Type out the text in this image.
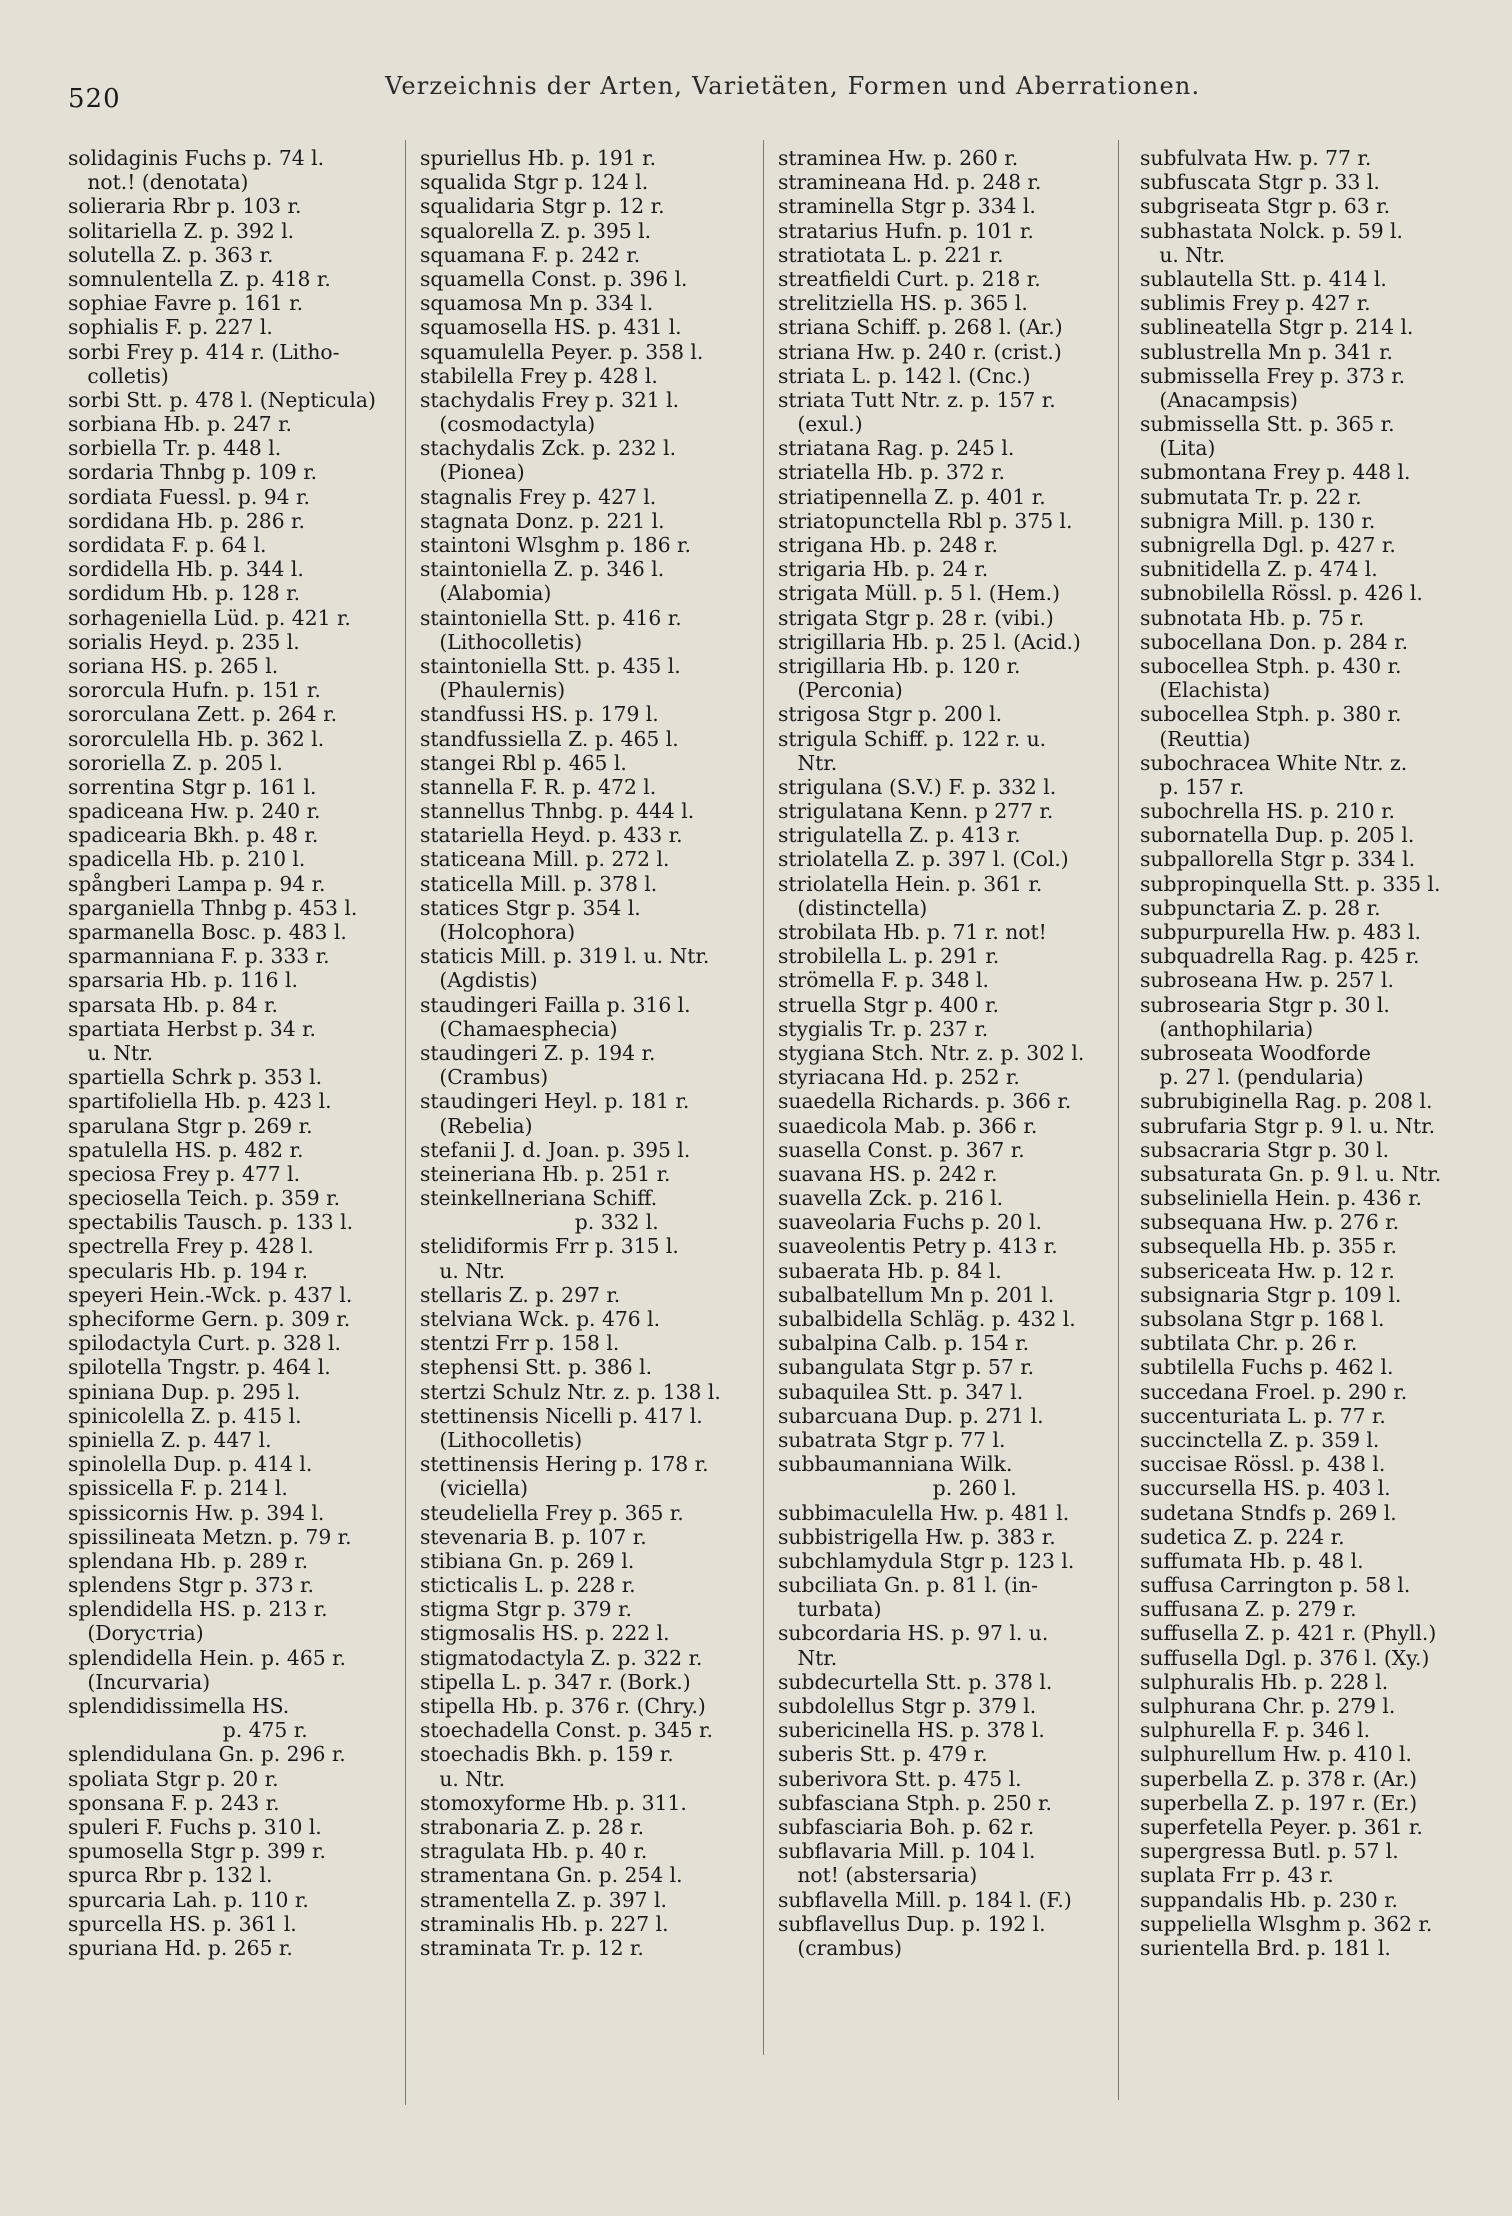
520	Verzeichnis der Arten, Varietäten, Formen und Aberrationen.
solidaginis Fuchs p. 74 l.
not.! (denotata)
solieraria Rbr p. 103 r.
solitariella Z. p. 392 l.
solutella Z. p. 363 r.
somnulentella Z. p. 418 r.
sophiae Favre p. 161 r.
sophialis F. p. 227 l.
sorbi Frey p. 414 r. (Litho-
colletis)
sorbi Stt. p. 478 l. (Nepticula)
sorbiana Hb. p. 247 r.
sorbiella Tr. p. 448 l.
sordaria Thnbg p. 109 r.
sordiata Fuessl. p. 94 r.
sordidana Hb. p. 286 r.
sordidata F. p. 64 l.
sordidella Hb. p. 344 l.
sordidum Hb. p. 128 r.
sorhageniella Lüd. p. 421 r.
sorialis Heyd. p. 235 l.
soriana HS. p. 265 l.
sororcula Hufn. p. 151 r.
sororculana Zett. p. 264 r.
sororculella Hb. p. 362 l.
sororiella Z. p. 205 l.
sorrentina Stgr p. 161 l.
spadiceana Hw. p. 240 r.
spadicearia Bkh. p. 48 r.
spadicella Hb. p. 210 l.
spångberi Lampa p. 94 r.
sparganiella Thnbg p. 453 l.
sparmanella Bosc. p. 483 l.
sparmanniana F. p. 333 r.
sparsaria Hb. p. 116 l.
sparsata Hb. p. 84 r.
spartiata Herbst p. 34 r.
u. Ntr.
spartiella Schrk p. 353 l.
spartifoliella Hb. p. 423 l.
sparulana Stgr p. 269 r.
spatulella HS. p. 482 r.
speciosa Frey p. 477 l.
speciosella Teich. p. 359 r.
spectabilis Tausch. p. 133 l.
spectrella Frey p. 428 l.
specularis Hb. p. 194 r.
speyeri Hein.-Wck. p. 437 l.
spheciforme Gern. p. 309 r.
spilodactyla Curt. p. 328 l.
spilotella Tngstr. p. 464 l.
spiniana Dup. p. 295 l.
spinicolella Z. p. 415 l.
spiniella Z. p. 447 l.
spinolella Dup. p. 414 l.
spissicella F. p. 214 l.
spissicornis Hw. p. 394 l.
spissilineata Metzn. p. 79 r.
splendana Hb. p. 289 r.
splendens Stgr p. 373 r.
splendidella HS. p. 213 r.
(Dorycτria)
splendidella Hein. p. 465 r.
(Incurvaria)
splendidissimella HS.
p. 475 r.
splendidulana Gn. p. 296 r.
spoliata Stgr p. 20 r.
sponsana F. p. 243 r.
spuleri F. Fuchs p. 310 l.
spumosella Stgr p. 399 r.
spurca Rbr p. 132 l.
spurcaria Lah. p. 110 r.
spurcella HS. p. 361 l.
spuriana Hd. p. 265 r.
spuriellus Hb. p. 191 r.
squalida Stgr p. 124 l.
squalidaria Stgr p. 12 r.
squalorella Z. p. 395 l.
squamana F. p. 242 r.
squamella Const. p. 396 l.
squamosa Mn p. 334 l.
squamosella HS. p. 431 l.
squamulella Peyer. p. 358 l.
stabilella Frey p. 428 l.
stachydalis Frey p. 321 l.
(cosmodactyla)
stachydalis Zck. p. 232 l.
(Pionea)
stagnalis Frey p. 427 l.
stagnata Donz. p. 221 l.
staintoni Wlsghm p. 186 r.
staintoniella Z. p. 346 l.
(Alabomia)
staintoniella Stt. p. 416 r.
(Lithocolletis)
staintoniella Stt. p. 435 l.
(Phaulernis)
standfussi HS. p. 179 l.
standfussiella Z. p. 465 l.
stangei Rbl p. 465 l.
stannella F. R. p. 472 l.
stannellus Thnbg. p. 444 l.
statariella Heyd. p. 433 r.
staticeana Mill. p. 272 l.
staticella Mill. p. 378 l.
statices Stgr p. 354 l.
(Holcophora)
staticis Mill. p. 319 l. u. Ntr.
(Agdistis)
staudingeri Failla p. 316 l.
(Chamaesphecia)
staudingeri Z. p. 194 r.
(Crambus)
staudingeri Heyl. p. 181 r.
(Rebelia)
stefanii J. d. Joan. p. 395 l.
steineriana Hb. p. 251 r.
steinkellneriana Schiff.
p. 332 l.
stelidiformis Frr p. 315 l.
u. Ntr.
stellaris Z. p. 297 r.
stelviana Wck. p. 476 l.
stentzi Frr p. 158 l.
stephensi Stt. p. 386 l.
stertzi Schulz Ntr. z. p. 138 l.
stettinensis Nicelli p. 417 l.
(Lithocolletis)
stettinensis Hering p. 178 r.
(viciella)
steudeliella Frey p. 365 r.
stevenaria B. p. 107 r.
stibiana Gn. p. 269 l.
sticticalis L. p. 228 r.
stigma Stgr p. 379 r.
stigmosalis HS. p. 222 l.
stigmatodactyla Z. p. 322 r.
stipella L. p. 347 r. (Bork.)
stipella Hb. p. 376 r. (Chry.)
stoechadella Const. p. 345 r.
stoechadis Bkh. p. 159 r.
u. Ntr.
stomoxyforme Hb. p. 311.
strabonaria Z. p. 28 r.
stragulata Hb. p. 40 r.
stramentana Gn. p. 254 l.
stramentella Z. p. 397 l.
straminalis Hb. p. 227 l.
straminata Tr. p. 12 r.
straminea Hw. p. 260 r.
stramineana Hd. p. 248 r.
straminella Stgr p. 334 l.
stratarius Hufn. p. 101 r.
stratiotata L. p. 221 r.
streatfieldi Curt. p. 218 r.
strelitziella HS. p. 365 l.
striana Schiff. p. 268 l. (Ar.)
striana Hw. p. 240 r. (crist.)
striata L. p. 142 l. (Cnc.)
striata Tutt Ntr. z. p. 157 r.
(exul.)
striatana Rag. p. 245 l.
striatella Hb. p. 372 r.
striatipennella Z. p. 401 r.
striatopunctella Rbl p. 375 l.
strigana Hb. p. 248 r.
strigaria Hb. p. 24 r.
strigata Müll. p. 5 l. (Hem.)
strigata Stgr p. 28 r. (vibi.)
strigillaria Hb. p. 25 l. (Acid.)
strigillaria Hb. p. 120 r.
(Perconia)
strigosa Stgr p. 200 l.
strigula Schiff. p. 122 r. u.
Ntr.
strigulana (S.V.) F. p. 332 l.
strigulatana Kenn. p 277 r.
strigulatella Z. p. 413 r.
striolatella Z. p. 397 l. (Col.)
striolatella Hein. p. 361 r.
(distinctella)
strobilata Hb. p. 71 r. not!
strobilella L. p. 291 r.
strömella F. p. 348 l.
struella Stgr p. 400 r.
stygialis Tr. p. 237 r.
stygiana Stch. Ntr. z. p. 302 l.
styriacana Hd. p. 252 r.
suaedella Richards. p. 366 r.
suaedicola Mab. p. 366 r.
suasella Const. p. 367 r.
suavana HS. p. 242 r.
suavella Zck. p. 216 l.
suaveolaria Fuchs p. 20 l.
suaveolentis Petry p. 413 r.
subaerata Hb. p. 84 l.
subalbatellum Mn p. 201 l.
subalbidella Schläg. p. 432 l.
subalpina Calb. p. 154 r.
subangulata Stgr p. 57 r.
subaquilea Stt. p. 347 l.
subarcuana Dup. p. 271 l.
subatrata Stgr p. 77 l.
subbaumanniana Wilk.
p. 260 l.
subbimaculella Hw. p. 481 l.
subbistrigella Hw. p. 383 r.
subchlamydula Stgr p. 123 l.
subciliata Gn. p. 81 l. (in-
turbata)
subcordaria HS. p. 97 l. u.
Ntr.
subdecurtella Stt. p. 378 l.
subdolellus Stgr p. 379 l.
subericinella HS. p. 378 l.
suberis Stt. p. 479 r.
suberivora Stt. p. 475 l.
subfasciana Stph. p. 250 r.
subfasciaria Boh. p. 62 r.
subflavaria Mill. p. 104 l.
not! (abstersaria)
subflavella Mill. p. 184 l. (F.)
subflavellus Dup. p. 192 l.
(crambus)
subfulvata Hw. p. 77 r.
subfuscata Stgr p. 33 l.
subgriseata Stgr p. 63 r.
subhastata Nolck. p. 59 l.
u. Ntr.
sublautella Stt. p. 414 l.
sublimis Frey p. 427 r.
sublineatella Stgr p. 214 l.
sublustrella Mn p. 341 r.
submissella Frey p. 373 r.
(Anacampsis)
submissella Stt. p. 365 r.
(Lita)
submontana Frey p. 448 l.
submutata Tr. p. 22 r.
subnigra Mill. p. 130 r.
subnigrella Dgl. p. 427 r.
subnitidella Z. p. 474 l.
subnobilella Rössl. p. 426 l.
subnotata Hb. p. 75 r.
subocellana Don. p. 284 r.
subocellea Stph. p. 430 r.
(Elachista)
subocellea Stph. p. 380 r.
(Reuttia)
subochracea White Ntr. z.
p. 157 r.
subochrella HS. p. 210 r.
subornatella Dup. p. 205 l.
subpallorella Stgr p. 334 l.
subpropinquella Stt. p. 335 l.
subpunctaria Z. p. 28 r.
subpurpurella Hw. p. 483 l.
subquadrella Rag. p. 425 r.
subroseana Hw. p. 257 l.
subrosearia Stgr p. 30 l.
(anthophilaria)
subroseata Woodforde
p. 27 l. (pendularia)
subrubiginella Rag. p. 208 l.
subrufaria Stgr p. 9 l. u. Ntr.
subsacraria Stgr p. 30 l.
subsaturata Gn. p. 9 l. u. Ntr.
subseliniella Hein. p. 436 r.
subsequana Hw. p. 276 r.
subsequella Hb. p. 355 r.
subsericeata Hw. p. 12 r.
subsignaria Stgr p. 109 l.
subsolana Stgr p. 168 l.
subtilata Chr. p. 26 r.
subtilella Fuchs p. 462 l.
succedana Froel. p. 290 r.
succenturiata L. p. 77 r.
succinctella Z. p. 359 l.
succisae Rössl. p. 438 l.
succursella HS. p. 403 l.
sudetana Stndfs p. 269 l.
sudetica Z. p. 224 r.
suffumata Hb. p. 48 l.
suffusa Carrington p. 58 l.
suffusana Z. p. 279 r.
suffusella Z. p. 421 r. (Phyll.)
suffusella Dgl. p. 376 l. (Xy.)
sulphuralis Hb. p. 228 l.
sulphurana Chr. p. 279 l.
sulphurella F. p. 346 l.
sulphurellum Hw. p. 410 l.
superbella Z. p. 378 r. (Ar.)
superbella Z. p. 197 r. (Er.)
superfetella Peyer. p. 361 r.
supergressa Butl. p. 57 l.
suplata Frr p. 43 r.
suppandalis Hb. p. 230 r.
suppeliella Wlsghm p. 362 r.
surientella Brd. p. 181 l.
